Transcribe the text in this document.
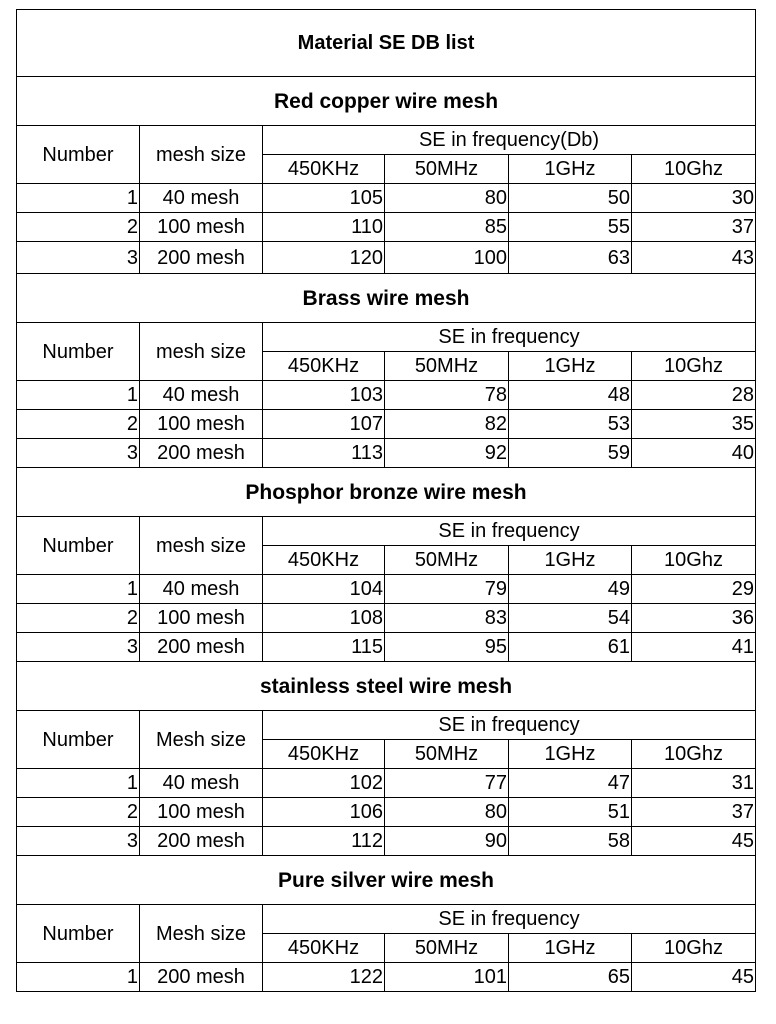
Material SE DB list					
Red copper wire mesh					
Number	mesh size	SE in frequency(Db)			
		450KHz	50MHz	1GHz	10Ghz
1	40 mesh	105	80	50	30
2	100 mesh	110	85	55	37
3	200 mesh	120	100	63	43
Brass wire mesh					
Number	mesh size	SE in frequency			
		450KHz	50MHz	1GHz	10Ghz
1	40 mesh	103	78	48	28
2	100 mesh	107	82	53	35
3	200 mesh	113	92	59	40
Phosphor bronze wire mesh					
Number	mesh size	SE in frequency			
		450KHz	50MHz	1GHz	10Ghz
1	40 mesh	104	79	49	29
2	100 mesh	108	83	54	36
3	200 mesh	115	95	61	41
stainless steel wire mesh					
Number	Mesh size	SE in frequency			
		450KHz	50MHz	1GHz	10Ghz
1	40 mesh	102	77	47	31
2	100 mesh	106	80	51	37
3	200 mesh	112	90	58	45
Pure silver wire mesh					
Number	Mesh size	SE in frequency			
		450KHz	50MHz	1GHz	10Ghz
1	200 mesh	122	101	65	45
